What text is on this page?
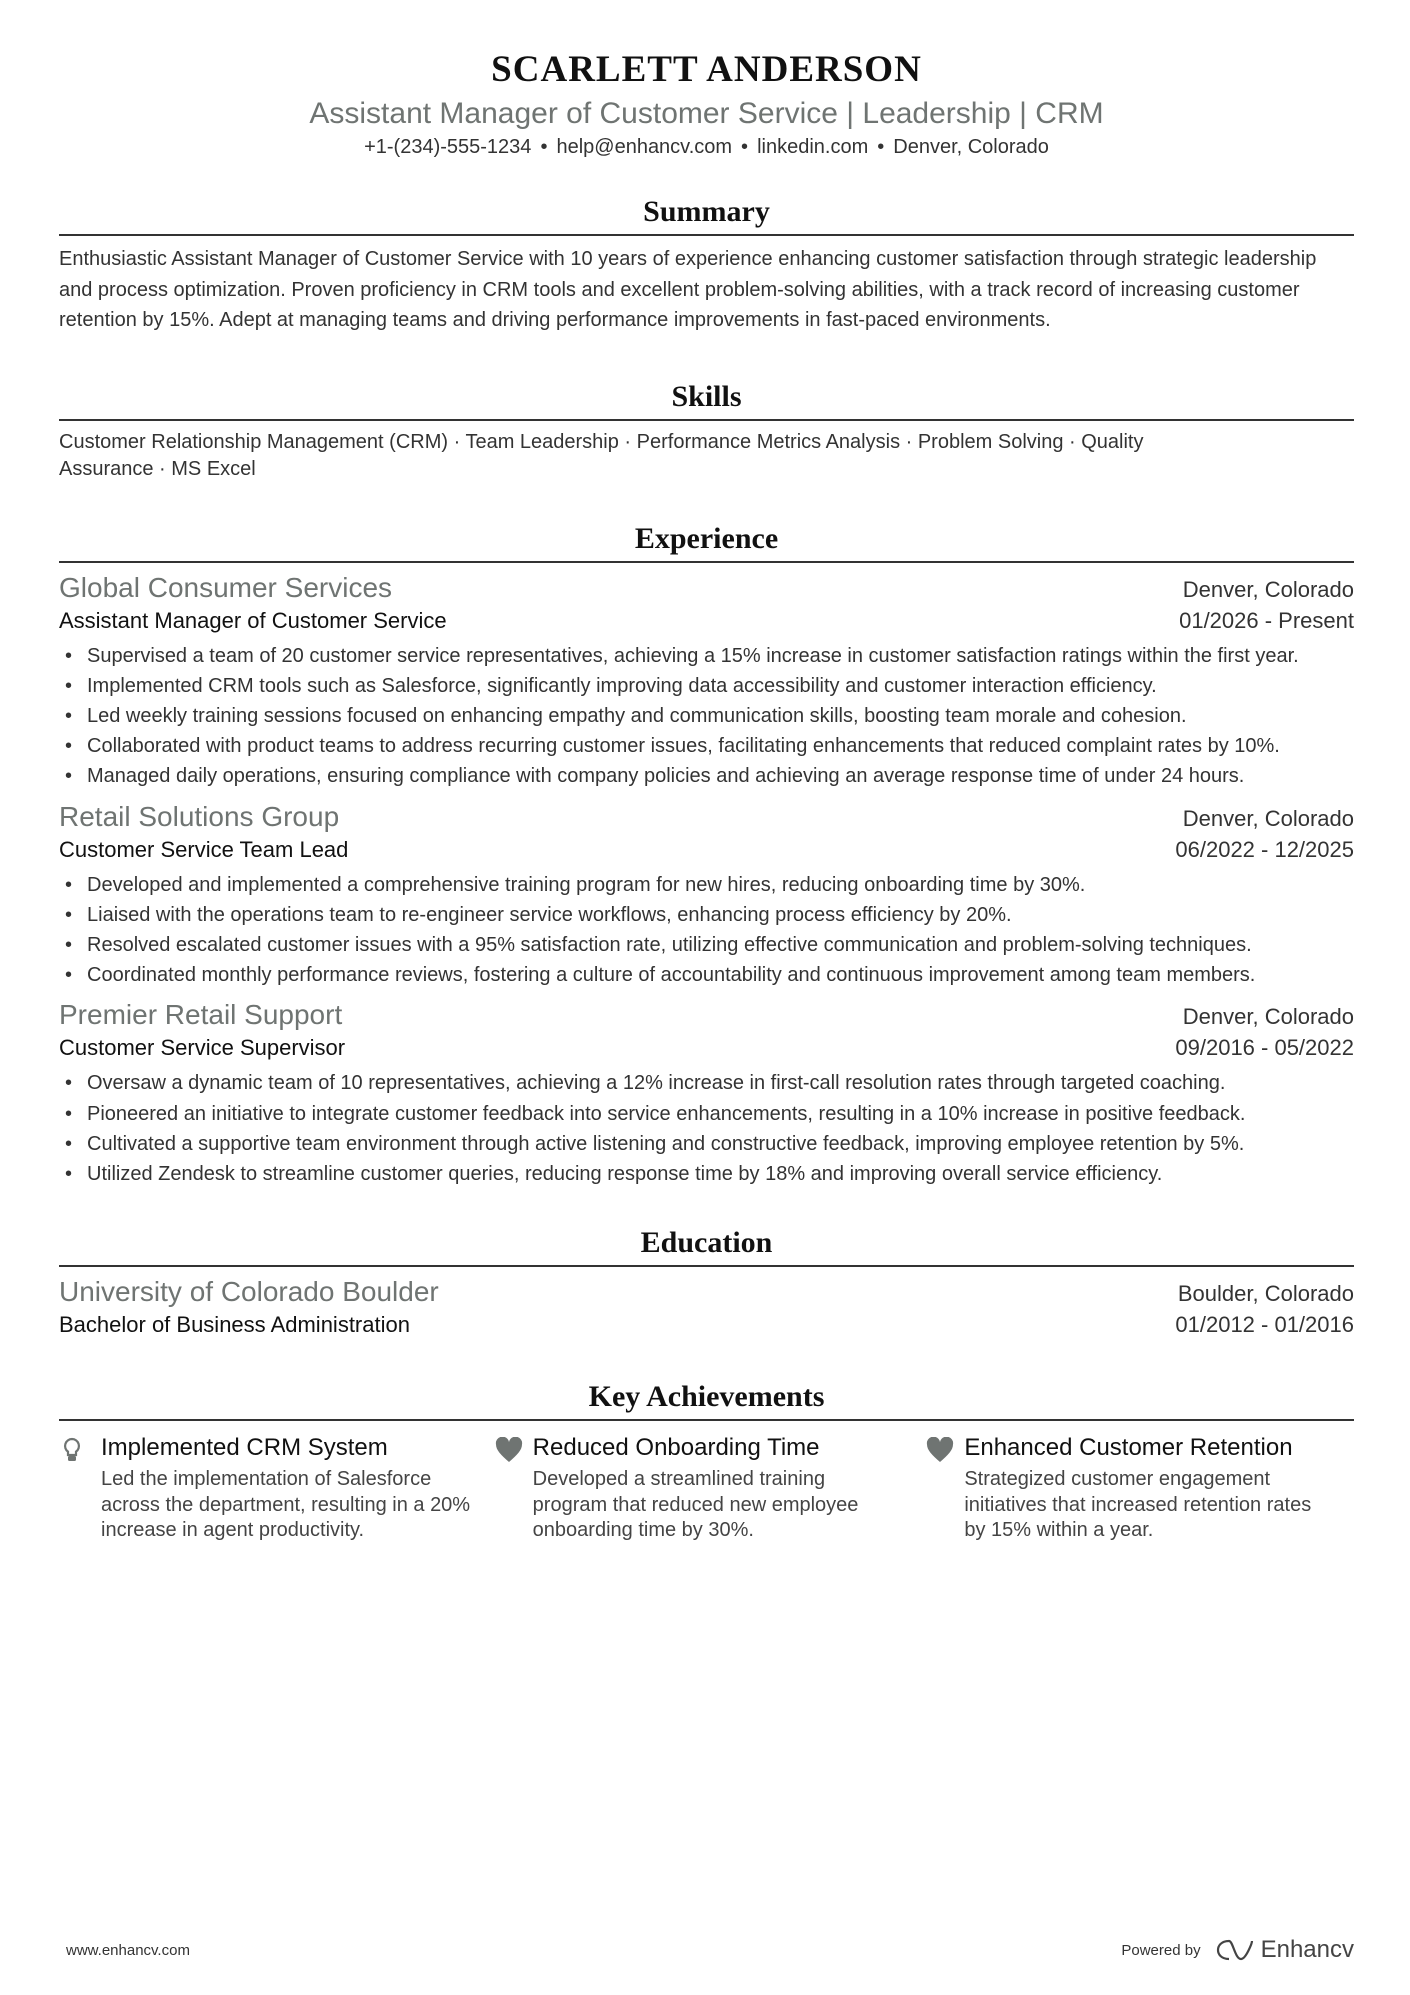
SCARLETT ANDERSON
Assistant Manager of Customer Service | Leadership | CRM
+1-(234)-555-1234 • help@enhancv.com • linkedin.com • Denver, Colorado
Summary
Enthusiastic Assistant Manager of Customer Service with 10 years of experience enhancing customer satisfaction through strategic leadership and process optimization. Proven proficiency in CRM tools and excellent problem-solving abilities, with a track record of increasing customer retention by 15%. Adept at managing teams and driving performance improvements in fast-paced environments.
Skills
Customer Relationship Management (CRM) · Team Leadership · Performance Metrics Analysis · Problem Solving · Quality Assurance · MS Excel
Experience
Global Consumer Services	Denver, Colorado
Assistant Manager of Customer Service	01/2026 - Present
• Supervised a team of 20 customer service representatives, achieving a 15% increase in customer satisfaction ratings within the first year.
• Implemented CRM tools such as Salesforce, significantly improving data accessibility and customer interaction efficiency.
• Led weekly training sessions focused on enhancing empathy and communication skills, boosting team morale and cohesion.
• Collaborated with product teams to address recurring customer issues, facilitating enhancements that reduced complaint rates by 10%.
• Managed daily operations, ensuring compliance with company policies and achieving an average response time of under 24 hours.
Retail Solutions Group	Denver, Colorado
Customer Service Team Lead	06/2022 - 12/2025
• Developed and implemented a comprehensive training program for new hires, reducing onboarding time by 30%.
• Liaised with the operations team to re-engineer service workflows, enhancing process efficiency by 20%.
• Resolved escalated customer issues with a 95% satisfaction rate, utilizing effective communication and problem-solving techniques.
• Coordinated monthly performance reviews, fostering a culture of accountability and continuous improvement among team members.
Premier Retail Support	Denver, Colorado
Customer Service Supervisor	09/2016 - 05/2022
• Oversaw a dynamic team of 10 representatives, achieving a 12% increase in first-call resolution rates through targeted coaching.
• Pioneered an initiative to integrate customer feedback into service enhancements, resulting in a 10% increase in positive feedback.
• Cultivated a supportive team environment through active listening and constructive feedback, improving employee retention by 5%.
• Utilized Zendesk to streamline customer queries, reducing response time by 18% and improving overall service efficiency.
Education
University of Colorado Boulder	Boulder, Colorado
Bachelor of Business Administration	01/2012 - 01/2016
Key Achievements
Implemented CRM System
Led the implementation of Salesforce across the department, resulting in a 20% increase in agent productivity.
Reduced Onboarding Time
Developed a streamlined training program that reduced new employee onboarding time by 30%.
Enhanced Customer Retention
Strategized customer engagement initiatives that increased retention rates by 15% within a year.
www.enhancv.com	Powered by	Enhancv
